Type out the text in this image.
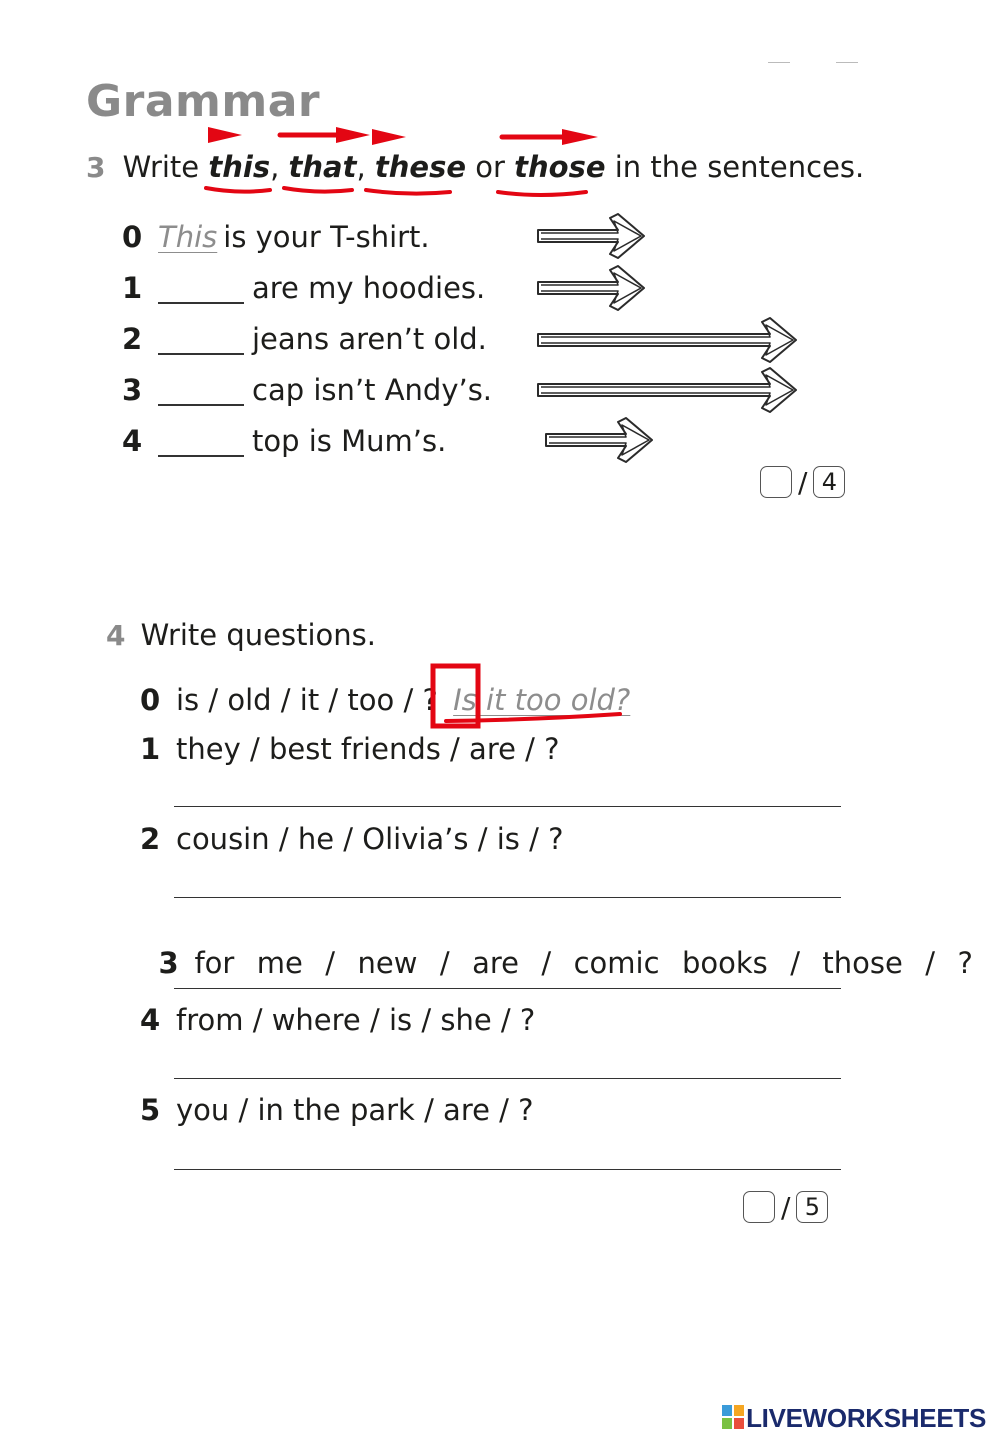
Grammar
3 Write this, that, these or those in the sentences.
0 This is your T-shirt.
1	are my hoodies.
2	jeans aren’t old.
3	cap isn’t Andy’s.
4	top is Mum’s.
/ 4
4 Write questions.
0 is / old / it / too / ? Is it too old?
1 they / best friends / are / ?
2 cousin / he / Olivia’s / is / ?

3 for  me  /  new  /  are  /  comic  books  /  those  /  ?

4 from / where / is / she / ?
5 you / in the park / are / ?
/ 5
LIVEWORKSHEETS
